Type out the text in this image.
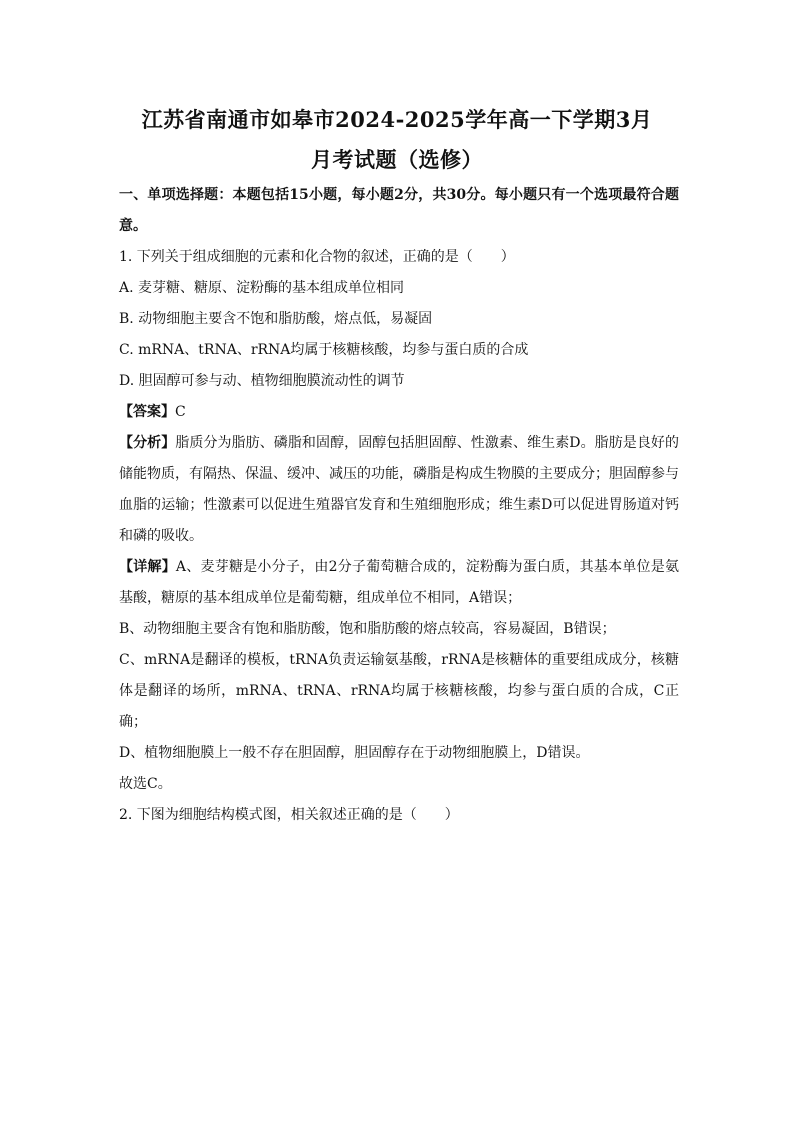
江苏省南通市如皋市2024-2025学年高一下学期3月
月考试题（选修）
一、单项选择题：本题包括15小题，每小题2分，共30分。每小题只有一个选项最符合题意。
1. 下列关于组成细胞的元素和化合物的叙述，正确的是（　　）
A. 麦芽糖、糖原、淀粉酶的基本组成单位相同
B. 动物细胞主要含不饱和脂肪酸，熔点低，易凝固
C. mRNA、tRNA、rRNA均属于核糖核酸，均参与蛋白质的合成
D. 胆固醇可参与动、植物细胞膜流动性的调节
【答案】C
【分析】脂质分为脂肪、磷脂和固醇，固醇包括胆固醇、性激素、维生素D。脂肪是良好的储能物质，有隔热、保温、缓冲、减压的功能，磷脂是构成生物膜的主要成分；胆固醇参与血脂的运输；性激素可以促进生殖器官发育和生殖细胞形成；维生素D可以促进胃肠道对钙和磷的吸收。
【详解】A、麦芽糖是小分子，由2分子葡萄糖合成的，淀粉酶为蛋白质，其基本单位是氨基酸，糖原的基本组成单位是葡萄糖，组成单位不相同，A错误；
B、动物细胞主要含有饱和脂肪酸，饱和脂肪酸的熔点较高，容易凝固，B错误；
C、mRNA是翻译的模板，tRNA负责运输氨基酸，rRNA是核糖体的重要组成成分，核糖体是翻译的场所，mRNA、tRNA、rRNA均属于核糖核酸，均参与蛋白质的合成，C正确；
D、植物细胞膜上一般不存在胆固醇，胆固醇存在于动物细胞膜上，D错误。
故选C。
2. 下图为细胞结构模式图，相关叙述正确的是（　　）
